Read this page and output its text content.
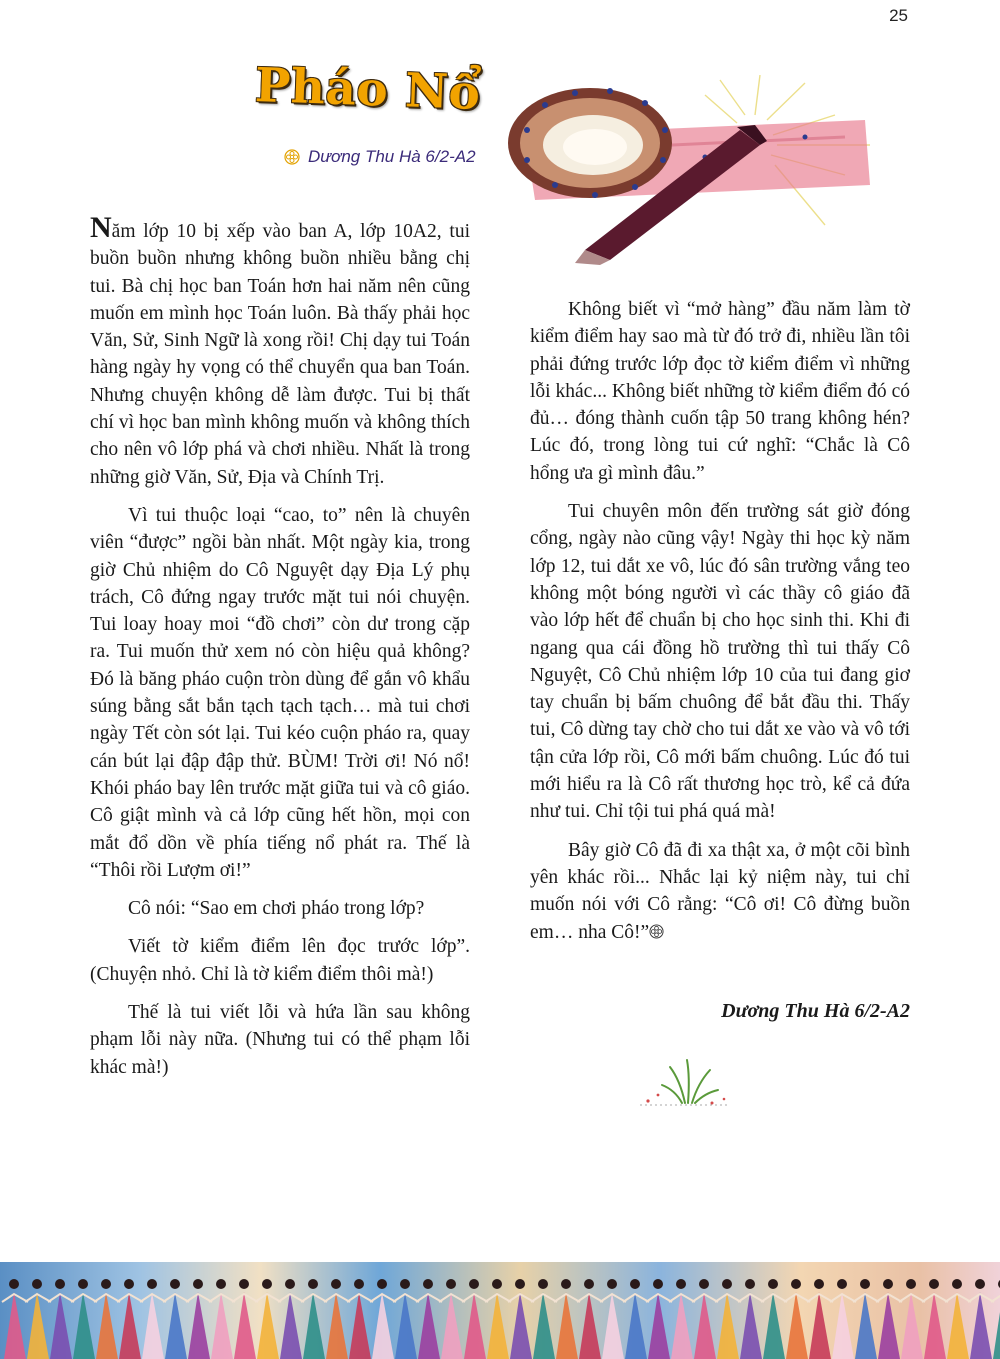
25
Pháo Nổ
Dương Thu Hà 6/2-A2

Năm lớp 10 bị xếp vào ban A, lớp 10A2, tui buồn buồn nhưng không buồn nhiều bằng chị tui. Bà chị học ban Toán hơn hai năm nên cũng muốn em mình học Toán luôn. Bà thấy phải học Văn, Sử, Sinh Ngữ là xong rồi! Chị dạy tui Toán hàng ngày hy vọng có thể chuyển qua ban Toán. Nhưng chuyện không dễ làm được. Tui bị thất chí vì học ban mình không muốn và không thích cho nên vô lớp phá và chơi nhiều. Nhất là trong những giờ Văn, Sử, Địa và Chính Trị.

Vì tui thuộc loại “cao, to” nên là chuyên viên “được” ngồi bàn nhất. Một ngày kia, trong giờ Chủ nhiệm do Cô Nguyệt dạy Địa Lý phụ trách, Cô đứng ngay trước mặt tui nói chuyện. Tui loay hoay moi “đồ chơi” còn dư trong cặp ra. Tui muốn thử xem nó còn hiệu quả không? Đó là băng pháo cuộn tròn dùng để gắn vô khẩu súng bằng sắt bắn tạch tạch tạch… mà tui chơi ngày Tết còn sót lại. Tui kéo cuộn pháo ra, quay cán bút lại đập đập thử. BÙM! Trời ơi! Nó nổ! Khói pháo bay lên trước mặt giữa tui và cô giáo. Cô giật mình và cả lớp cũng hết hồn, mọi con mắt đổ dồn về phía tiếng nổ phát ra. Thế là “Thôi rồi Lượm ơi!”

Cô nói: “Sao em chơi pháo trong lớp?

Viết tờ kiểm điểm lên đọc trước lớp”. (Chuyện nhỏ. Chỉ là tờ kiểm điểm thôi mà!)

Thế là tui viết lỗi và hứa lần sau không phạm lỗi này nữa. (Nhưng tui có thể phạm lỗi khác mà!)

Không biết vì “mở hàng” đầu năm làm tờ kiểm điểm hay sao mà từ đó trở đi, nhiều lần tôi phải đứng trước lớp đọc tờ kiểm điểm vì những lỗi khác... Không biết những tờ kiểm điểm đó có đủ… đóng thành cuốn tập 50 trang không hén? Lúc đó, trong lòng tui cứ nghĩ: “Chắc là Cô hổng ưa gì mình đâu.”

Tui chuyên môn đến trường sát giờ đóng cổng, ngày nào cũng vậy! Ngày thi học kỳ năm lớp 12, tui dắt xe vô, lúc đó sân trường vắng teo không một bóng người vì các thầy cô giáo đã vào lớp hết để chuẩn bị cho học sinh thi. Khi đi ngang qua cái đồng hồ trường thì tui thấy Cô Nguyệt, Cô Chủ nhiệm lớp 10 của tui đang giơ tay chuẩn bị bấm chuông để bắt đầu thi. Thấy tui, Cô dừng tay chờ cho tui dắt xe vào và vô tới tận cửa lớp rồi, Cô mới bấm chuông. Lúc đó tui mới hiểu ra là Cô rất thương học trò, kể cả đứa như tui. Chỉ tội tui phá quá mà!

Bây giờ Cô đã đi xa thật xa, ở một cõi bình yên khác rồi... Nhắc lại kỷ niệm này, tui chỉ muốn nói với Cô rằng: “Cô ơi! Cô đừng buồn em… nha Cô!”

Dương Thu Hà 6/2-A2
